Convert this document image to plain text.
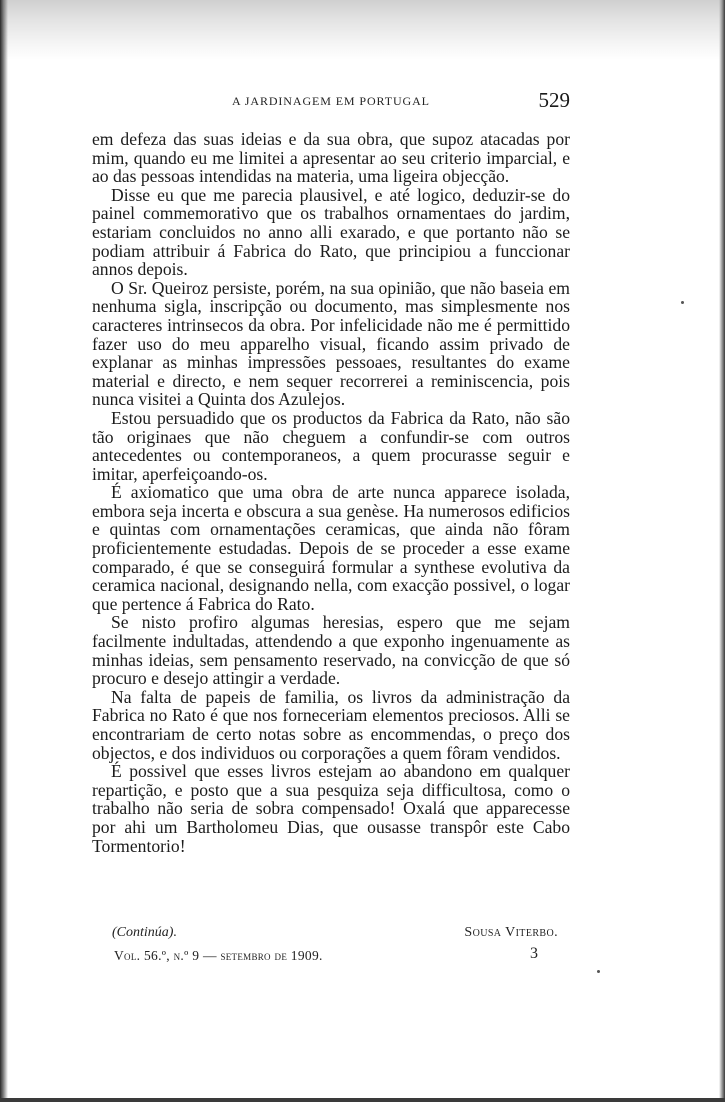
A JARDINAGEM EM PORTUGAL	529

em defeza das suas ideias e da sua obra, que supoz atacadas por mim, quando eu me limitei a apresentar ao seu criterio imparcial, e ao das pessoas intendidas na materia, uma ligeira objecção.

Disse eu que me parecia plausivel, e até logico, deduzir-se do painel commemorativo que os trabalhos ornamentaes do jardim, estariam concluidos no anno alli exarado, e que portanto não se podiam attribuir á Fabrica do Rato, que principiou a funccionar annos depois.

O Sr. Queiroz persiste, porém, na sua opinião, que não baseia em nenhuma sigla, inscripção ou documento, mas simplesmente nos caracteres intrinsecos da obra. Por infelicidade não me é permittido fazer uso do meu apparelho visual, ficando assim privado de explanar as minhas impressões pessoaes, resultantes do exame material e directo, e nem sequer recorrerei a reminiscencia, pois nunca visitei a Quinta dos Azulejos.

Estou persuadido que os productos da Fabrica da Rato, não são tão originaes que não cheguem a confundir-se com outros antecedentes ou contemporaneos, a quem procurasse seguir e imitar, aperfeiçoando-os.

É axiomatico que uma obra de arte nunca apparece isolada, embora seja incerta e obscura a sua genèse. Ha numerosos edificios e quintas com ornamentações ceramicas, que ainda não fôram proficientemente estudadas. Depois de se proceder a esse exame comparado, é que se conseguirá formular a synthese evolutiva da ceramica nacional, designando nella, com exacção possivel, o logar que pertence á Fabrica do Rato.

Se nisto profiro algumas heresias, espero que me sejam facilmente indultadas, attendendo a que exponho ingenuamente as minhas ideias, sem pensamento reservado, na convicção de que só procuro e desejo attingir a verdade.

Na falta de papeis de familia, os livros da administração da Fabrica no Rato é que nos forneceriam elementos preciosos. Alli se encontrariam de certo notas sobre as encommendas, o preço dos objectos, e dos individuos ou corporações a quem fôram vendidos.

É possivel que esses livros estejam ao abandono em qualquer repartição, e posto que a sua pesquiza seja difficultosa, como o trabalho não seria de sobra compensado! Oxalá que apparecesse por ahi um Bartholomeu Dias, que ousasse transpôr este Cabo Tormentorio!

(Continúa).	Sousa Viterbo.
Vol. 56.º, n.º 9 — setembro de 1909.	3
